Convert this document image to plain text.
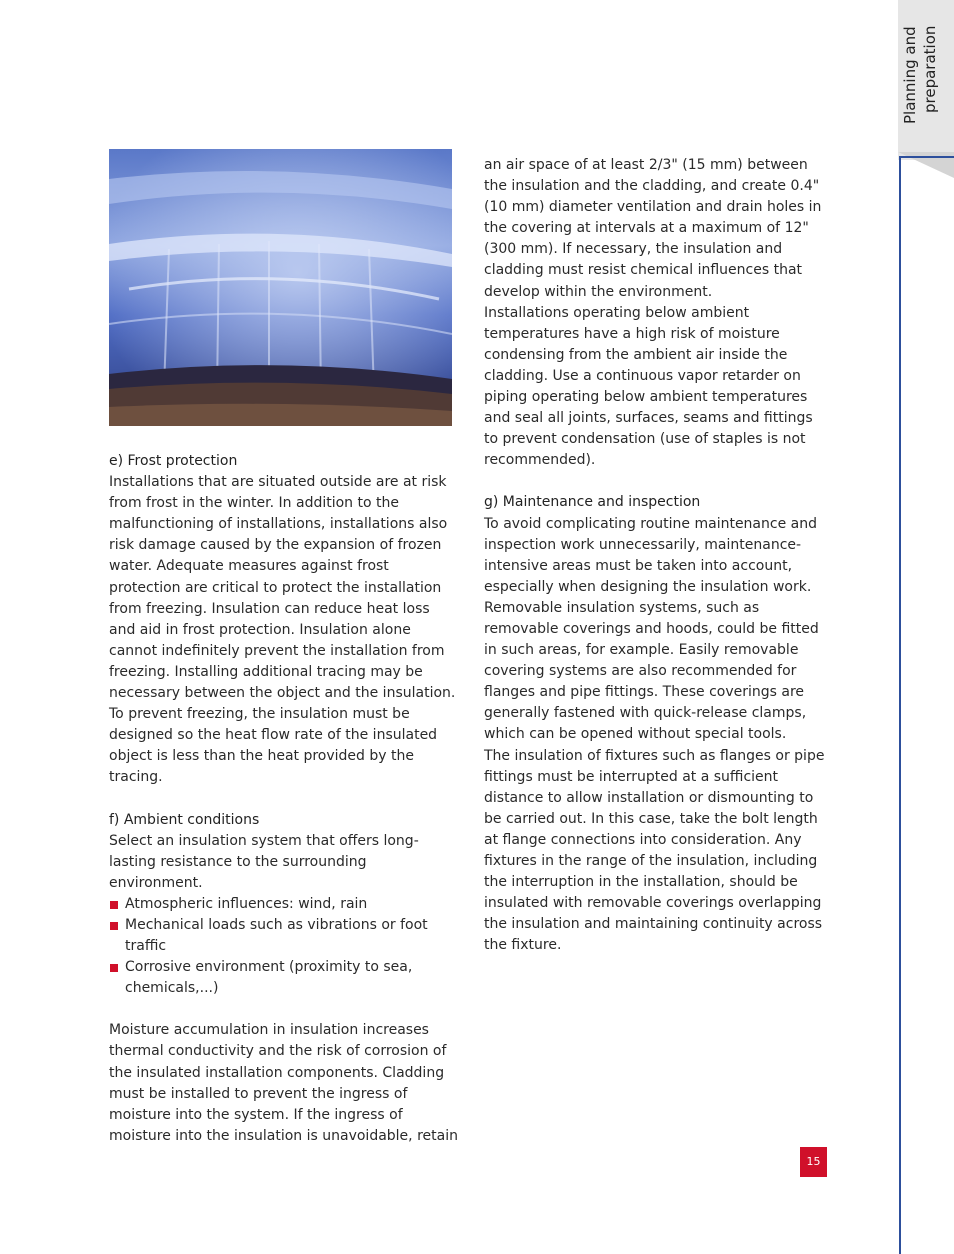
Planning and preparation

e) Frost protection

Installations that are situated outside are at risk from frost in the winter. In addition to the malfunctioning of installations, installations also risk damage caused by the expansion of frozen water. Adequate measures against frost protection are critical to protect the installation from freezing. Insulation can reduce heat loss and aid in frost protection. Insulation alone cannot indefinitely prevent the installation from freezing. Installing additional tracing may be necessary between the object and the insulation. To prevent freezing, the insulation must be designed so the heat flow rate of the insulated object is less than the heat provided by the tracing.

f) Ambient conditions

Select an insulation system that offers long-lasting resistance to the surrounding environment.

Atmospheric influences: wind, rain
Mechanical loads such as vibrations or foot traffic
Corrosive environment (proximity to sea, chemicals,...)

Moisture accumulation in insulation increases thermal conductivity and the risk of corrosion of the insulated installation components. Cladding must be installed to prevent the ingress of moisture into the system. If the ingress of moisture into the insulation is unavoidable, retain

an air space of at least 2/3" (15 mm) between the insulation and the cladding, and create 0.4" (10 mm) diameter ventilation and drain holes in the covering at intervals at a maximum of 12" (300 mm). If necessary, the insulation and cladding must resist chemical influences that develop within the environment.

Installations operating below ambient temperatures have a high risk of moisture condensing from the ambient air inside the cladding. Use a continuous vapor retarder on piping operating below ambient temperatures and seal all joints, surfaces, seams and fittings to prevent condensation (use of staples is not recommended).

g) Maintenance and inspection

To avoid complicating routine maintenance and inspection work unnecessarily, maintenance-intensive areas must be taken into account, especially when designing the insulation work. Removable insulation systems, such as removable coverings and hoods, could be fitted in such areas, for example. Easily removable covering systems are also recommended for flanges and pipe fittings. These coverings are generally fastened with quick-release clamps, which can be opened without special tools.

The insulation of fixtures such as flanges or pipe fittings must be interrupted at a sufficient distance to allow installation or dismounting to be carried out. In this case, take the bolt length at flange connections into consideration. Any fixtures in the range of the insulation, including the interruption in the installation, should be insulated with removable coverings overlapping the insulation and maintaining continuity across the fixture.

15
